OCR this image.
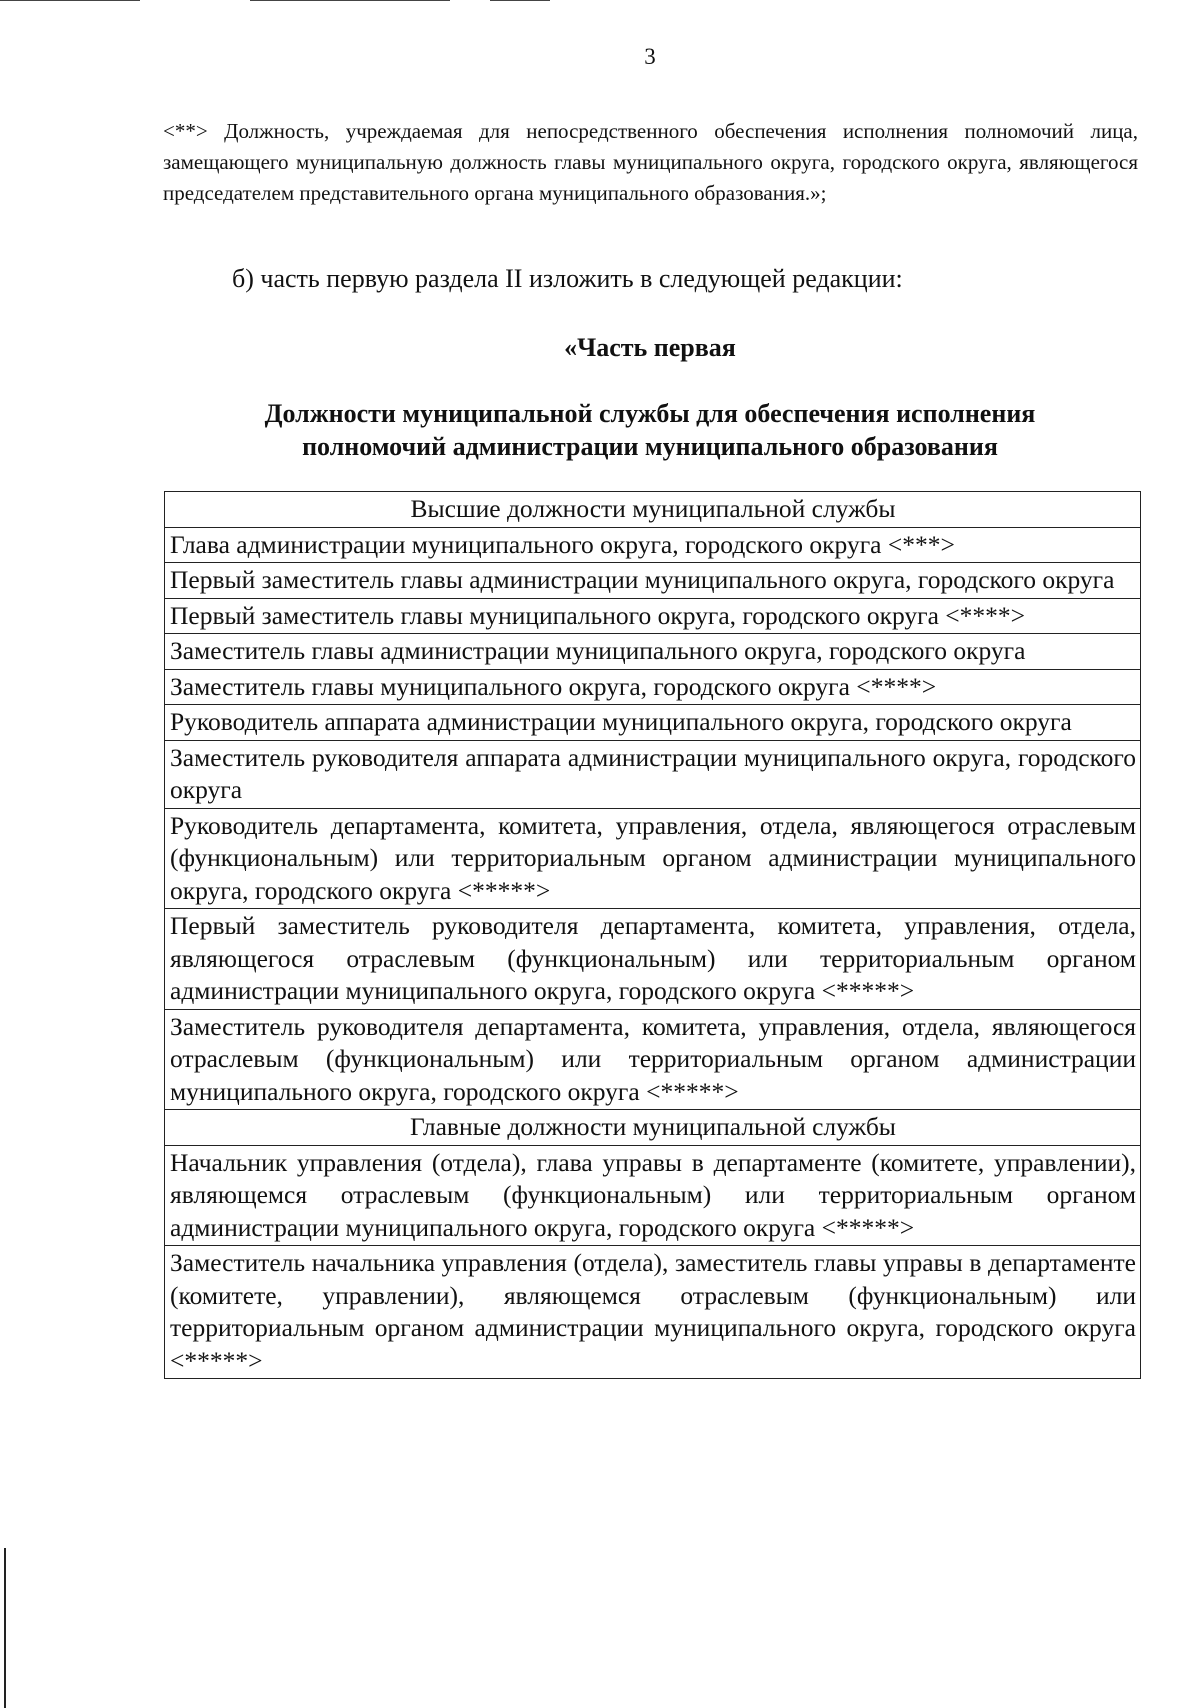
3
<**> Должность, учреждаемая для непосредственного обеспечения исполнения полномочий лица, замещающего муниципальную должность главы муниципального округа, городского округа, являющегося председателем представительного органа муниципального образования.»;
б) часть первую раздела II изложить в следующей редакции:
«Часть первая
Должности муниципальной службы для обеспечения исполнения
полномочий администрации муниципального образования
Высшие должности муниципальной службы
Глава администрации муниципального округа, городского округа <***>
Первый заместитель главы администрации муниципального округа, городского округа
Первый заместитель главы муниципального округа, городского округа <****>
Заместитель главы администрации муниципального округа, городского округа
Заместитель главы муниципального округа, городского округа <****>
Руководитель аппарата администрации муниципального округа, городского округа
Заместитель руководителя аппарата администрации муниципального округа, городского округа
Руководитель департамента, комитета, управления, отдела, являющегося отраслевым (функциональным) или территориальным органом администрации муниципального округа, городского округа <*****>
Первый заместитель руководителя департамента, комитета, управления, отдела, являющегося отраслевым (функциональным) или территориальным органом администрации муниципального округа, городского округа <*****>
Заместитель руководителя департамента, комитета, управления, отдела, являющегося отраслевым (функциональным) или территориальным органом администрации муниципального округа, городского округа <*****>
Главные должности муниципальной службы
Начальник управления (отдела), глава управы в департаменте (комитете, управлении), являющемся отраслевым (функциональным) или территориальным органом администрации муниципального округа, городского округа <*****>
Заместитель начальника управления (отдела), заместитель главы управы в департаменте (комитете, управлении), являющемся отраслевым (функциональным) или территориальным органом администрации муниципального округа, городского округа <*****>
